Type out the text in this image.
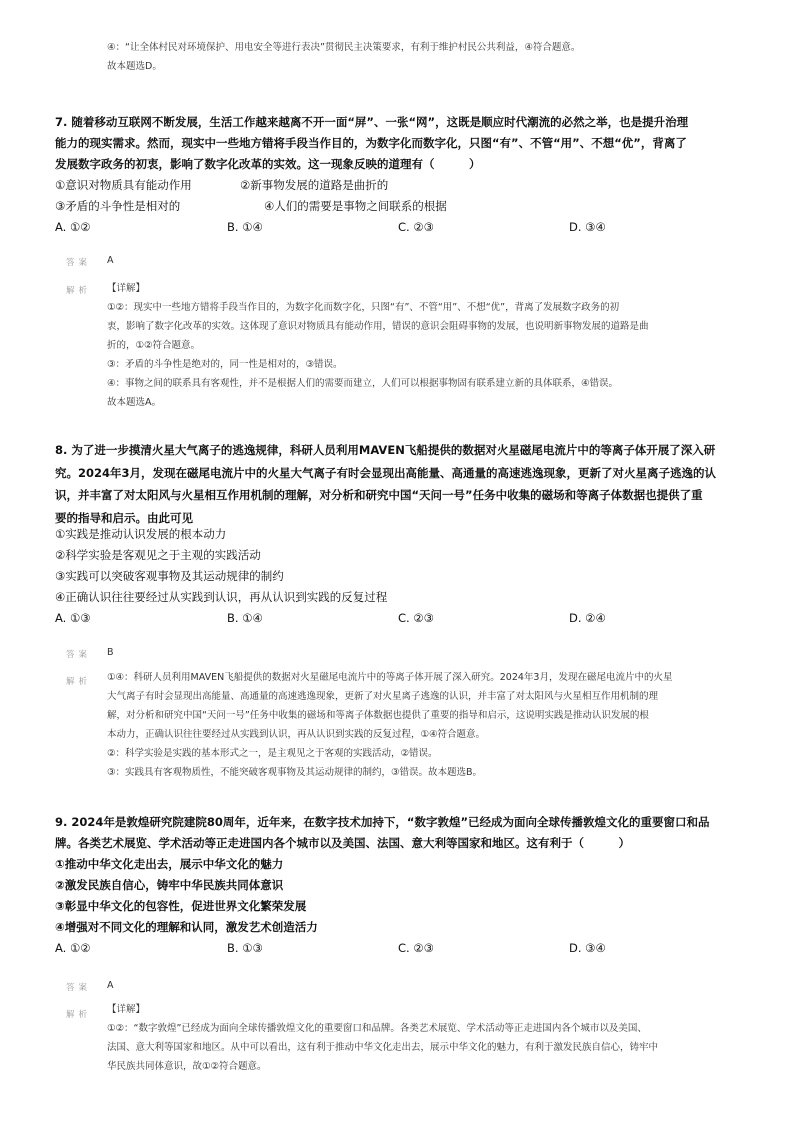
④：“让全体村民对环境保护、用电安全等进行表决”贯彻民主决策要求，有利于维护村民公共利益，④符合题意。
故本题选D。
7. 随着移动互联网不断发展，生活工作越来越离不开一面“屏”、一张“网”，这既是顺应时代潮流的必然之举，也是提升治理
能力的现实需求。然而，现实中一些地方错将手段当作目的，为数字化而数字化，只图“有”、不管“用”、不想“优”，背离了
发展数字政务的初衷，影响了数字化改革的实效。这一现象反映的道理有（　　　）
①意识对物质具有能动作用	②新事物发展的道路是曲折的
③矛盾的斗争性是相对的	④人们的需要是事物之间联系的根据
A. ①②	B. ①④	C. ②③	D. ③④
答案 A
解析 【详解】
①②：现实中一些地方错将手段当作目的，为数字化而数字化，只图“有”、不管“用”、不想“优”，背离了发展数字政务的初
衷，影响了数字化改革的实效。这体现了意识对物质具有能动作用，错误的意识会阻碍事物的发展，也说明新事物发展的道路是曲
折的，①②符合题意。
③：矛盾的斗争性是绝对的，同一性是相对的，③错误。
④：事物之间的联系具有客观性，并不是根据人们的需要而建立，人们可以根据事物固有联系建立新的具体联系，④错误。
故本题选A。
8. 为了进一步摸清火星大气离子的逃逸规律，科研人员利用MAVEN飞船提供的数据对火星磁尾电流片中的等离子体开展了深入研
究。2024年3月，发现在磁尾电流片中的火星大气离子有时会显现出高能量、高通量的高速逃逸现象，更新了对火星离子逃逸的认
识，并丰富了对太阳风与火星相互作用机制的理解，对分析和研究中国“天问一号”任务中收集的磁场和等离子体数据也提供了重
要的指导和启示。由此可见
①实践是推动认识发展的根本动力
②科学实验是客观见之于主观的实践活动
③实践可以突破客观事物及其运动规律的制约
④正确认识往往要经过从实践到认识，再从认识到实践的反复过程
A. ①③	B. ①④	C. ②③	D. ②④
答案 B
解析 ①④：科研人员利用MAVEN飞船提供的数据对火星磁尾电流片中的等离子体开展了深入研究。2024年3月，发现在磁尾电流片中的火星
大气离子有时会显现出高能量、高通量的高速逃逸现象，更新了对火星离子逃逸的认识，并丰富了对太阳风与火星相互作用机制的理
解，对分析和研究中国“天问一号”任务中收集的磁场和等离子体数据也提供了重要的指导和启示，这说明实践是推动认识发展的根
本动力，正确认识往往要经过从实践到认识，再从认识到实践的反复过程，①④符合题意。
②：科学实验是实践的基本形式之一，是主观见之于客观的实践活动，②错误。
③：实践具有客观物质性，不能突破客观事物及其运动规律的制约，③错误。故本题选B。
9. 2024年是敦煌研究院建院80周年，近年来，在数字技术加持下，“数字敦煌”已经成为面向全球传播敦煌文化的重要窗口和品
牌。各类艺术展览、学术活动等正走进国内各个城市以及美国、法国、意大利等国家和地区。这有利于（　　　）
①推动中华文化走出去，展示中华文化的魅力
②激发民族自信心，铸牢中华民族共同体意识
③彰显中华文化的包容性，促进世界文化繁荣发展
④增强对不同文化的理解和认同，激发艺术创造活力
A. ①②	B. ①③	C. ②③	D. ③④
答案 A
解析 【详解】
①②：“数字敦煌”已经成为面向全球传播敦煌文化的重要窗口和品牌。各类艺术展览、学术活动等正走进国内各个城市以及美国、
法国、意大利等国家和地区。从中可以看出，这有利于推动中华文化走出去，展示中华文化的魅力，有利于激发民族自信心，铸牢中
华民族共同体意识，故①②符合题意。
